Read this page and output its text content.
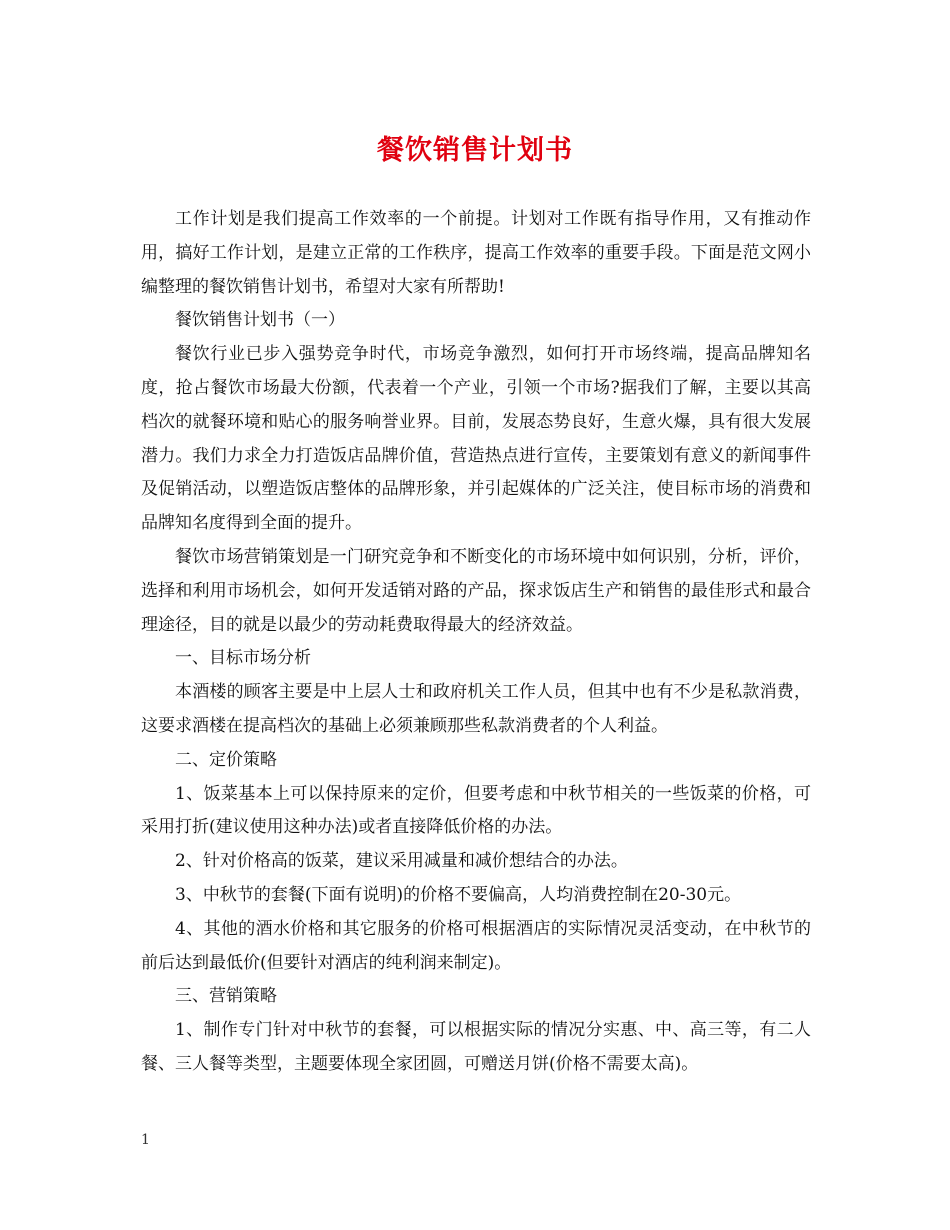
餐饮销售计划书

工作计划是我们提高工作效率的一个前提。计划对工作既有指导作用，又有推动作用，搞好工作计划，是建立正常的工作秩序，提高工作效率的重要手段。下面是范文网小编整理的餐饮销售计划书，希望对大家有所帮助!

餐饮销售计划书（一）

餐饮行业已步入强势竞争时代，市场竞争激烈，如何打开市场终端，提高品牌知名度，抢占餐饮市场最大份额，代表着一个产业，引领一个市场?据我们了解，主要以其高档次的就餐环境和贴心的服务响誉业界。目前，发展态势良好，生意火爆，具有很大发展潜力。我们力求全力打造饭店品牌价值，营造热点进行宣传，主要策划有意义的新闻事件及促销活动，以塑造饭店整体的品牌形象，并引起媒体的广泛关注，使目标市场的消费和品牌知名度得到全面的提升。

餐饮市场营销策划是一门研究竞争和不断变化的市场环境中如何识别，分析，评价，选择和利用市场机会，如何开发适销对路的产品，探求饭店生产和销售的最佳形式和最合理途径，目的就是以最少的劳动耗费取得最大的经济效益。

一、目标市场分析

本酒楼的顾客主要是中上层人士和政府机关工作人员，但其中也有不少是私款消费，这要求酒楼在提高档次的基础上必须兼顾那些私款消费者的个人利益。

二、定价策略

1、饭菜基本上可以保持原来的定价，但要考虑和中秋节相关的一些饭菜的价格，可采用打折(建议使用这种办法)或者直接降低价格的办法。

2、针对价格高的饭菜，建议采用减量和减价想结合的办法。

3、中秋节的套餐(下面有说明)的价格不要偏高，人均消费控制在20-30元。

4、其他的酒水价格和其它服务的价格可根据酒店的实际情况灵活变动，在中秋节的前后达到最低价(但要针对酒店的纯利润来制定)。

三、营销策略

1、制作专门针对中秋节的套餐，可以根据实际的情况分实惠、中、高三等，有二人餐、三人餐等类型，主题要体现全家团圆，可赠送月饼(价格不需要太高)。

1
